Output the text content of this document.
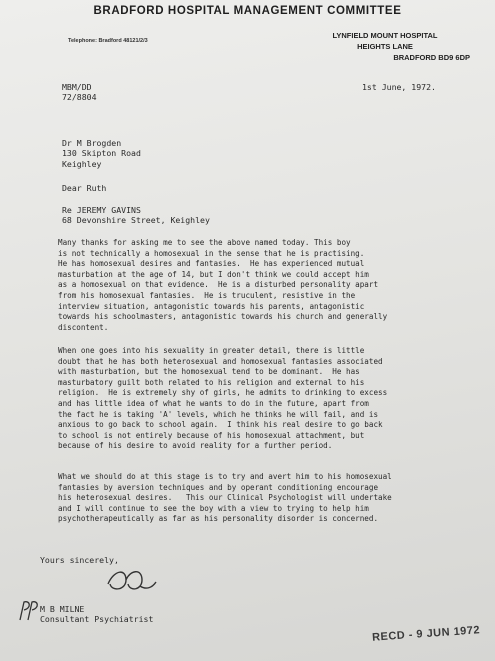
BRADFORD HOSPITAL MANAGEMENT COMMITTEE
Telephone: Bradford 48121/2/3
LYNFIELD MOUNT HOSPITAL
HEIGHTS LANE
BRADFORD BD9 6DP
MBM/DD
72/8804
1st June, 1972.
Dr M Brogden
130 Skipton Road
Keighley
Dear Ruth
Re JEREMY GAVINS
68 Devonshire Street, Keighley
Many thanks for asking me to see the above named today. This boy
is not technically a homosexual in the sense that he is practising.
He has homosexual desires and fantasies.  He has experienced mutual
masturbation at the age of 14, but I don't think we could accept him
as a homosexual on that evidence.  He is a disturbed personality apart
from his homosexual fantasies.  He is truculent, resistive in the
interview situation, antagonistic towards his parents, antagonistic
towards his schoolmasters, antagonistic towards his church and generally
discontent.
When one goes into his sexuality in greater detail, there is little
doubt that he has both heterosexual and homosexual fantasies associated
with masturbation, but the homosexual tend to be dominant.  He has
masturbatory guilt both related to his religion and external to his
religion.  He is extremely shy of girls, he admits to drinking to excess
and has little idea of what he wants to do in the future, apart from
the fact he is taking 'A' levels, which he thinks he will fail, and is
anxious to go back to school again.  I think his real desire to go back
to school is not entirely because of his homosexual attachment, but
because of his desire to avoid reality for a further period.
What we should do at this stage is to try and avert him to his homosexual
fantasies by aversion techniques and by operant conditioning encourage
his heterosexual desires.   This our Clinical Psychologist will undertake
and I will continue to see the boy with a view to trying to help him
psychotherapeutically as far as his personality disorder is concerned.
Yours sincerely,
M B MILNE
Consultant Psychiatrist
RECD - 9 JUN 1972
